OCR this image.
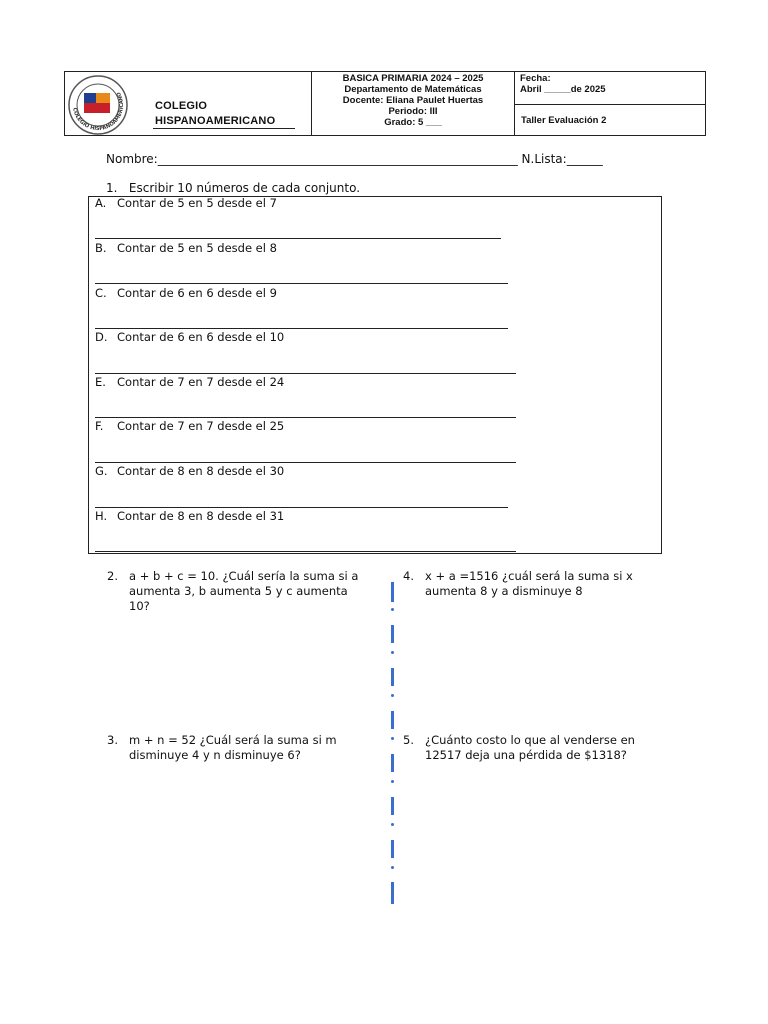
COLEGIO HISPANOAMERICANO
COLEGIO
HISPANOAMERICANO
BASICA PRIMARIA 2024 – 2025
Departamento de Matemáticas
Docente: Eliana Paulet Huertas
Periodo: III
Grado: 5 ___
Fecha:
Abril _____de 2025
Taller Evaluación 2
Nombre:____________________________________________________________ N.Lista:______
1. Escribir 10 números de cada conjunto.
A. Contar de 5 en 5 desde el 7
B. Contar de 5 en 5 desde el 8
C. Contar de 6 en 6 desde el 9
D. Contar de 6 en 6 desde el 10
E. Contar de 7 en 7 desde el 24
F. Contar de 7 en 7 desde el 25
G. Contar de 8 en 8 desde el 30
H. Contar de 8 en 8 desde el 31
2. a + b + c = 10. ¿Cuál sería la suma si a
aumenta 3, b aumenta 5 y c aumenta
10?
4. x + a =1516 ¿cuál será la suma si x
aumenta 8 y a disminuye 8
3. m + n = 52 ¿Cuál será la suma si m
disminuye 4 y n disminuye 6?
5. ¿Cuánto costo lo que al venderse en
12517 deja una pérdida de $1318?
